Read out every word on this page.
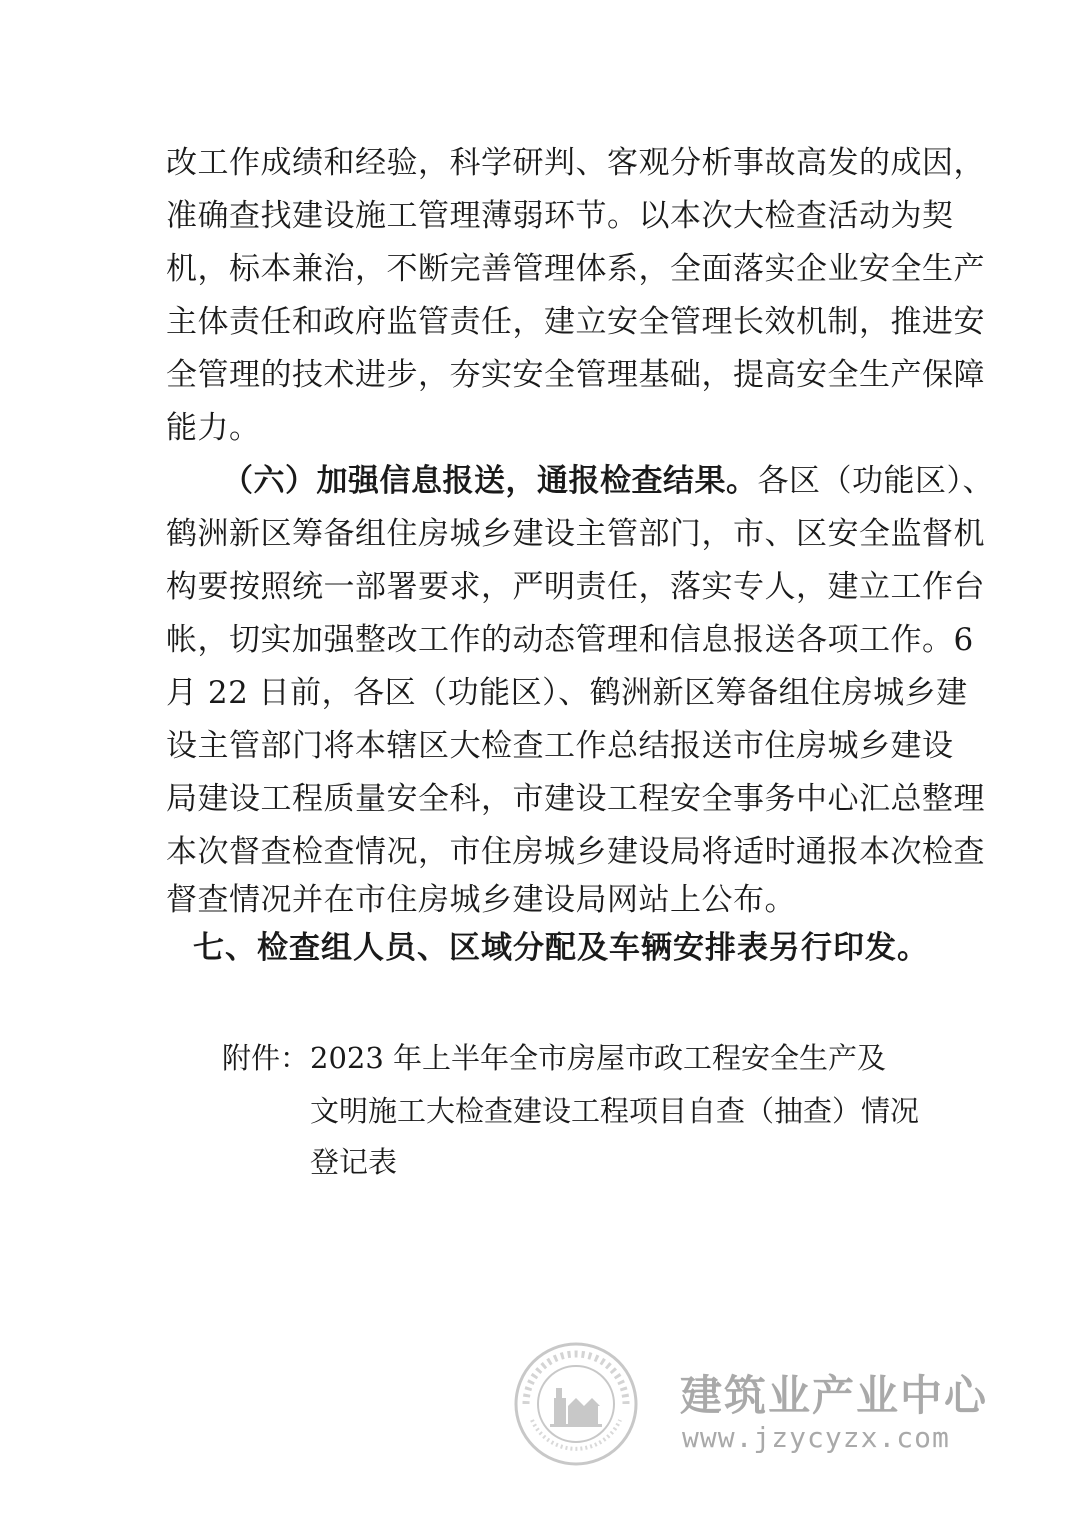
改工作成绩和经验，科学研判、客观分析事故高发的成因，
准确查找建设施工管理薄弱环节。以本次大检查活动为契
机，标本兼治，不断完善管理体系，全面落实企业安全生产
主体责任和政府监管责任，建立安全管理长效机制，推进安
全管理的技术进步，夯实安全管理基础，提高安全生产保障
能力。
（六）加强信息报送，通报检查结果。各区（功能区）、
鹤洲新区筹备组住房城乡建设主管部门，市、区安全监督机
构要按照统一部署要求，严明责任，落实专人，建立工作台
帐，切实加强整改工作的动态管理和信息报送各项工作。6
月 22 日前，各区（功能区）、鹤洲新区筹备组住房城乡建
设主管部门将本辖区大检查工作总结报送市住房城乡建设
局建设工程质量安全科，市建设工程安全事务中心汇总整理
本次督查检查情况，市住房城乡建设局将适时通报本次检查
督查情况并在市住房城乡建设局网站上公布。
七、检查组人员、区域分配及车辆安排表另行印发。
附件： 2023 年上半年全市房屋市政工程安全生产及
文明施工大检查建设工程项目自查（抽查）情况
登记表
建筑业产业中心
www.jzycyzx.com
